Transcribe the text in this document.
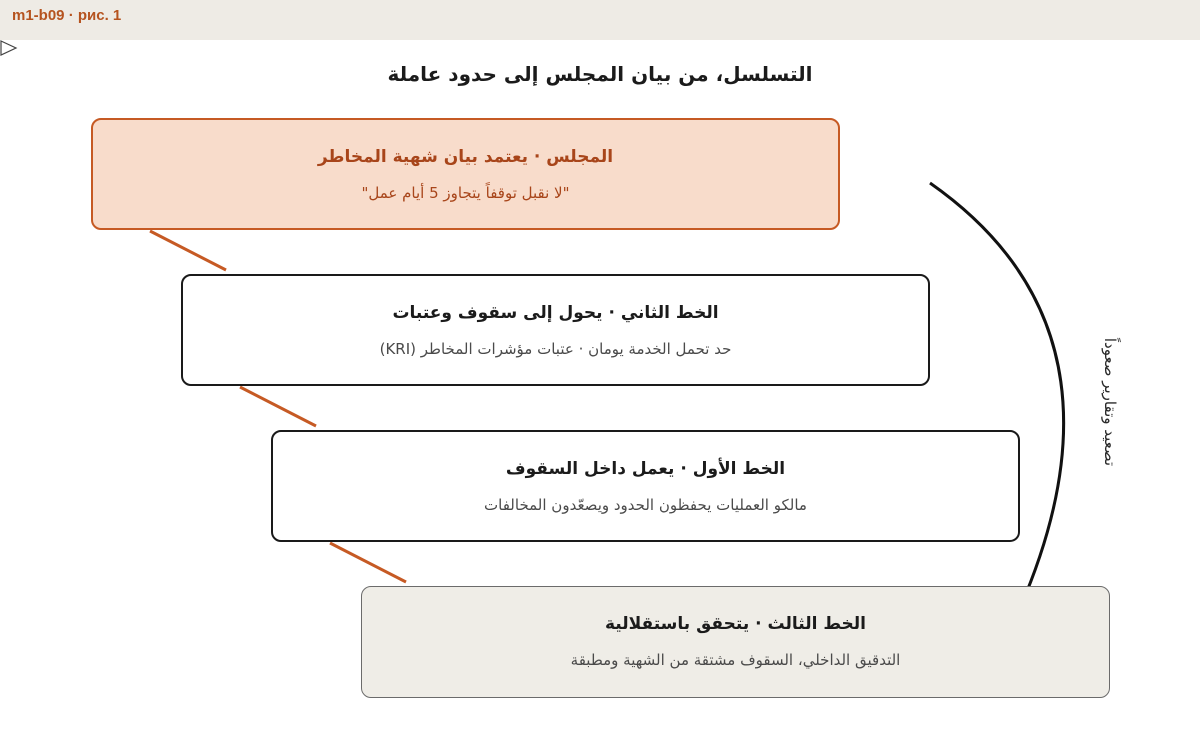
m1-b09 · рис. 1
التسلسل، من بيان المجلس إلى حدود عاملة
المجلس · يعتمد بيان شهية المخاطر
"لا نقبل توقفاً يتجاوز 5 أيام عمل"
الخط الثاني · يحول إلى سقوف وعتبات
حد تحمل الخدمة يومان · عتبات مؤشرات المخاطر (KRI)
الخط الأول · يعمل داخل السقوف
مالكو العمليات يحفظون الحدود ويصعّدون المخالفات
الخط الثالث · يتحقق باستقلالية
التدقيق الداخلي، السقوف مشتقة من الشهية ومطبقة
تصعيد وتقارير صعوداً
